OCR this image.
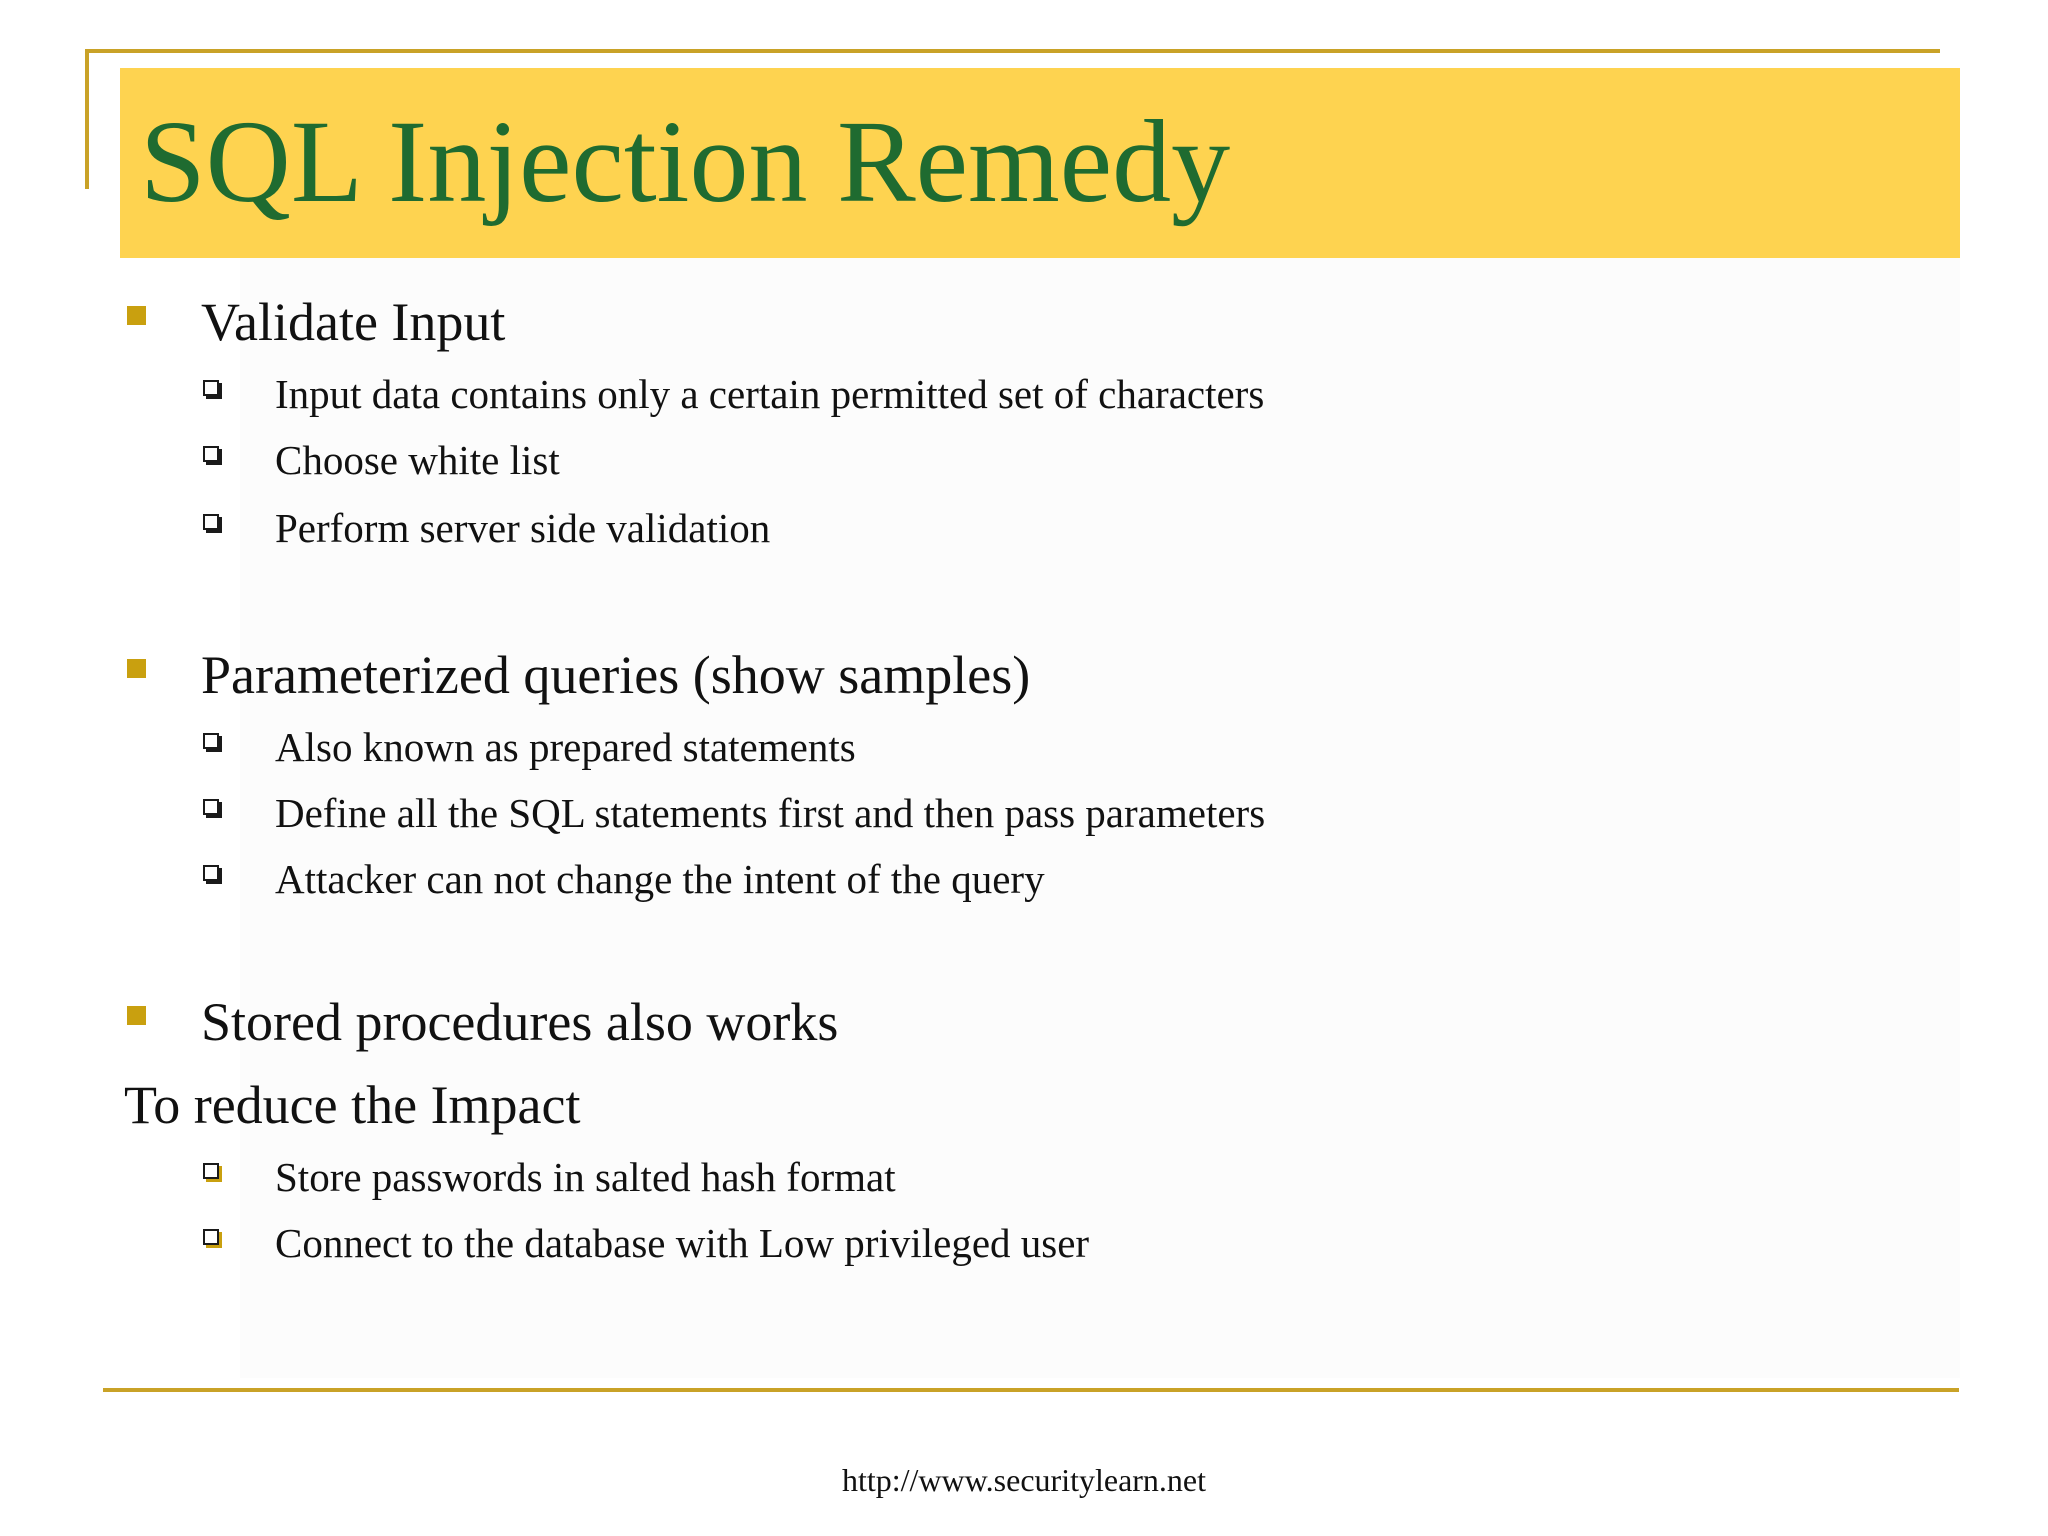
SQL Injection Remedy
Validate Input
Input data contains only a certain permitted set of characters
Choose white list
Perform server side validation
Parameterized queries (show samples)
Also known as prepared statements
Define all the SQL statements first and then pass parameters
Attacker can not change the intent of the query
Stored procedures also works
To reduce the Impact
Store passwords in salted hash format
Connect to the database with Low privileged user
http://www.securitylearn.net
